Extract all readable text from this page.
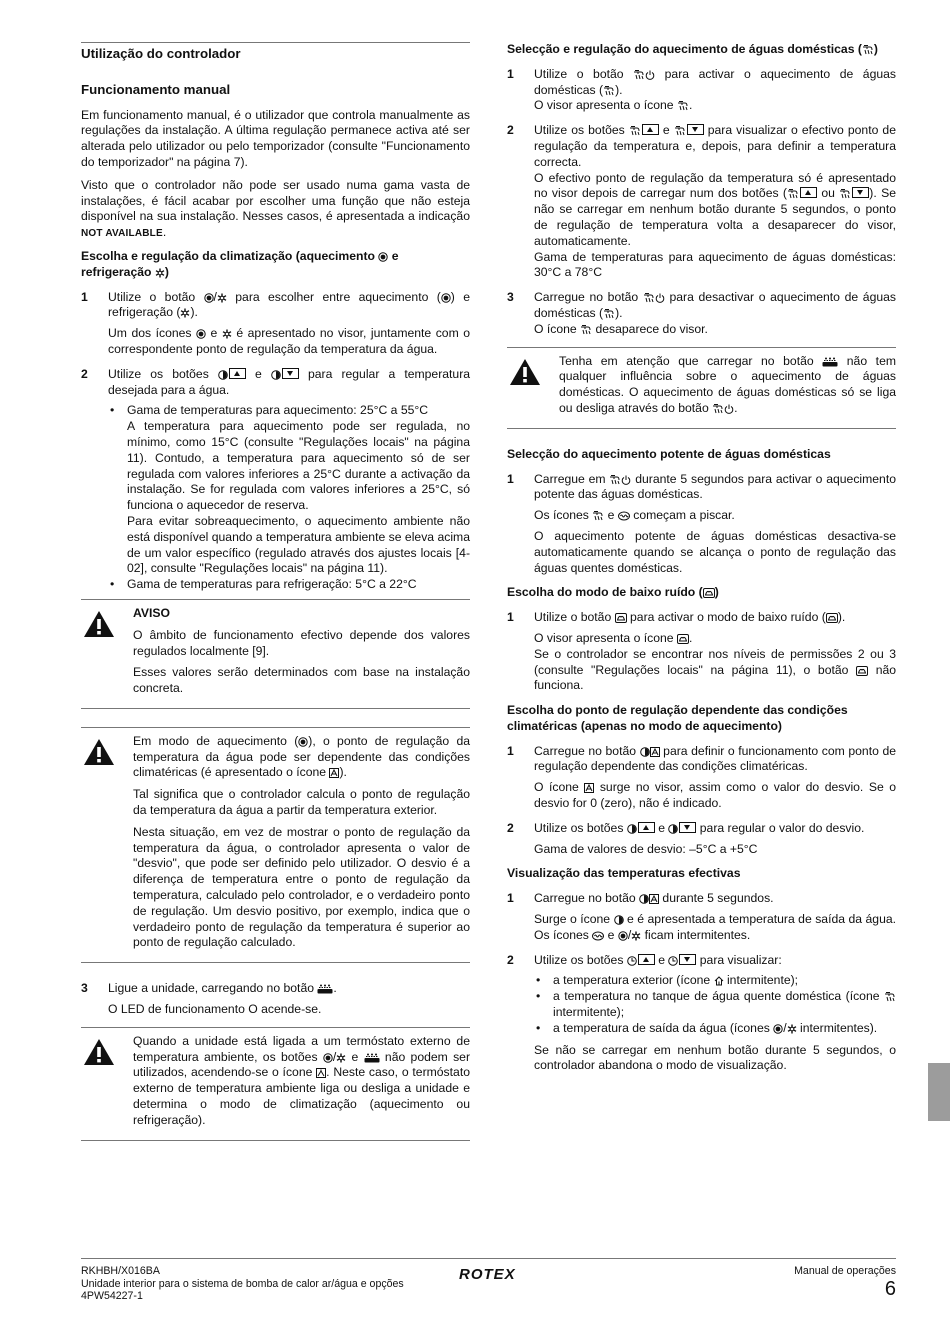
Utilização do controlador
Funcionamento manual

Em funcionamento manual, é o utilizador que controla manualmente as regulações da instalação. A última regulação permanece activa até ser alterada pelo utilizador ou pelo temporizador (consulte "Funcionamento do temporizador" na página 7).

Visto que o controlador não pode ser usado numa gama vasta de instalações, é fácil acabar por escolher uma função que não esteja disponível na sua instalação. Nesses casos, é apresentada a indicação NOT AVAILABLE.

Escolha e regulação da climatização (aquecimento e refrigeração )
1 Utilize o botão / para escolher entre aquecimento ( ) e refrigeração ( ).

Um dos ícones e é apresentado no visor, juntamente com o correspondente ponto de regulação da temperatura da água.

2 Utilize os botões	e	para regular a temperatura desejada para a água.

• Gama de temperaturas para aquecimento: 25°C a 55°C

A temperatura para aquecimento pode ser regulada, no mínimo, como 15°C (consulte "Regulações locais" na página 11). Contudo, a temperatura para aquecimento só de ser regulada com valores inferiores a 25°C durante a activação da instalação. Se for regulada com valores inferiores a 25°C, só funciona o aquecedor de reserva.

Para evitar sobreaquecimento, o aquecimento ambiente não está disponível quando a temperatura ambiente se eleva acima de um valor específico (regulado através dos ajustes locais [4-02], consulte "Regulações locais" na página 11).

• Gama de temperaturas para refrigeração: 5°C a 22°C

AVISO

O âmbito de funcionamento efectivo depende dos valores regulados localmente [9].

Esses valores serão determinados com base na instalação concreta.

Em modo de aquecimento ( ), o ponto de regulação da temperatura da água pode ser dependente das condições climatéricas (é apresentado o ícone ).

Tal significa que o controlador calcula o ponto de regulação da temperatura da água a partir da temperatura exterior.

Nesta situação, em vez de mostrar o ponto de regulação da temperatura da água, o controlador apresenta o valor de "desvio", que pode ser definido pelo utilizador. O desvio é a diferença de temperatura entre o ponto de regulação da temperatura, calculado pelo controlador, e o verdadeiro ponto de regulação. Um desvio positivo, por exemplo, indica que o verdadeiro ponto de regulação da temperatura é superior ao ponto de regulação calculado.

3 Ligue a unidade, carregando no botão .

O LED de funcionamento O acende-se.

Quando a unidade está ligada a um termóstato externo de temperatura ambiente, os botões / e não podem ser utilizados, acendendo-se o ícone . Neste caso, o termóstato externo de temperatura ambiente liga ou desliga a unidade e determina o modo de climatização (aquecimento ou refrigeração).

Selecção e regulação do aquecimento de águas domésticas ( )
1 Utilize o botão	para activar o aquecimento de águas domésticas ( ).
O visor apresenta o ícone .

2 Utilize os botões	e	para visualizar o efectivo ponto de regulação da temperatura e, depois, para definir a temperatura correcta.
O efectivo ponto de regulação da temperatura só é apresentado no visor depois de carregar num dos botões (	ou	). Se não se carregar em nenhum botão durante 5 segundos, o ponto de regulação de temperatura volta a desaparecer do visor, automaticamente.
Gama de temperaturas para aquecimento de águas domésticas: 30°C a 78°C

3 Carregue no botão	para desactivar o aquecimento de águas domésticas ( ).
O ícone desaparece do visor.

Tenha em atenção que carregar no botão	não tem qualquer influência sobre o aquecimento de águas domésticas. O aquecimento de águas domésticas só se liga ou desliga através do botão .

Selecção do aquecimento potente de águas domésticas
1 Carregue em durante 5 segundos para activar o aquecimento potente das águas domésticas.

Os ícones e começam a piscar.

O aquecimento potente de águas domésticas desactiva-se automaticamente quando se alcança o ponto de regulação das águas quentes domésticas.

Escolha do modo de baixo ruído ( )
1 Utilize o botão para activar o modo de baixo ruído ( ).

O visor apresenta o ícone .

Se o controlador se encontrar nos níveis de permissões 2 ou 3 (consulte "Regulações locais" na página 11), o botão não funciona.

Escolha do ponto de regulação dependente das condições climatéricas (apenas no modo de aquecimento)
1 Carregue no botão para definir o funcionamento com ponto de regulação dependente das condições climatéricas.

O ícone surge no visor, assim como o valor do desvio. Se o desvio for 0 (zero), não é indicado.

2 Utilize os botões	e	para regular o valor do desvio.

Gama de valores de desvio: –5°C a +5°C

Visualização das temperaturas efectivas
1 Carregue no botão durante 5 segundos.

Surge o ícone e é apresentada a temperatura de saída da água. Os ícones e / ficam intermitentes.

2 Utilize os botões	e	para visualizar:

• a temperatura exterior (ícone intermitente);

• a temperatura no tanque de água quente doméstica (ícone
intermitente);

• a temperatura de saída da água (ícones / intermitentes).

Se não se carregar em nenhum botão durante 5 segundos, o controlador abandona o modo de visualização.

RKHBH/X016BA
Unidade interior para o sistema de bomba de calor ar/água e opções
4PW54227-1
ROTEX	Manual de operações
6
